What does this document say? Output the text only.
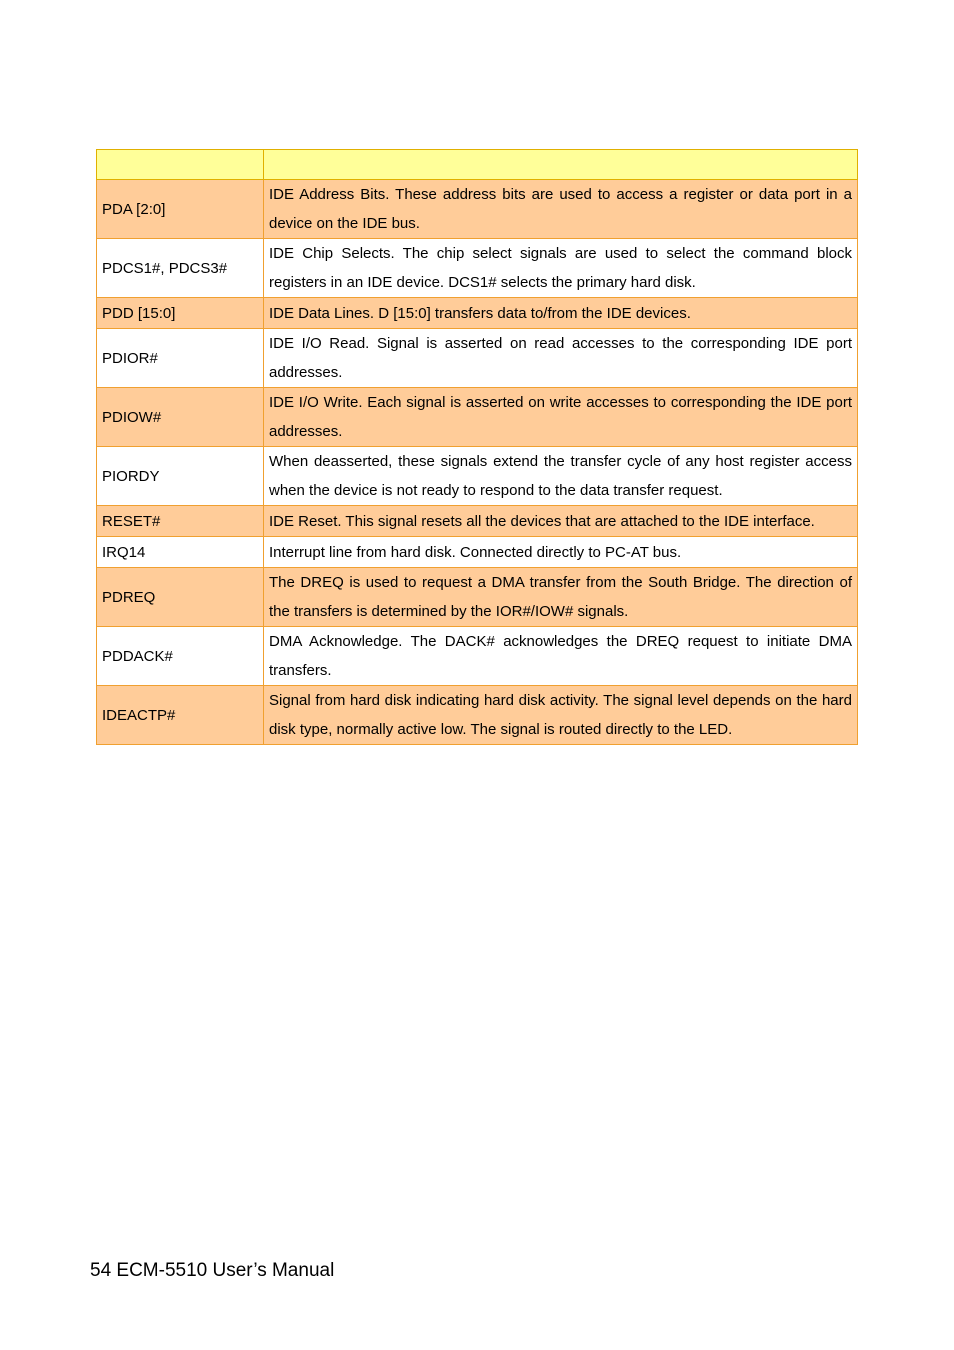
PDA [2:0]	IDE Address Bits. These address bits are used to access a register or data port in a device on the IDE bus.
PDCS1#, PDCS3#	IDE Chip Selects. The chip select signals are used to select the command block registers in an IDE device. DCS1# selects the primary hard disk.
PDD [15:0]	IDE Data Lines. D [15:0] transfers data to/from the IDE devices.
PDIOR#	IDE I/O Read. Signal is asserted on read accesses to the corresponding IDE port addresses.
PDIOW#	IDE I/O Write. Each signal is asserted on write accesses to corresponding the IDE port addresses.
PIORDY	When deasserted, these signals extend the transfer cycle of any host register access when the device is not ready to respond to the data transfer request.
RESET#	IDE Reset. This signal resets all the devices that are attached to the IDE interface.
IRQ14	Interrupt line from hard disk. Connected directly to PC-AT bus.
PDREQ	The DREQ is used to request a DMA transfer from the South Bridge. The direction of the transfers is determined by the IOR#/IOW# signals.
PDDACK#	DMA Acknowledge. The DACK# acknowledges the DREQ request to initiate DMA transfers.
IDEACTP#	Signal from hard disk indicating hard disk activity. The signal level depends on the hard disk type, normally active low. The signal is routed directly to the LED.
54 ECM-5510 User’s Manual
